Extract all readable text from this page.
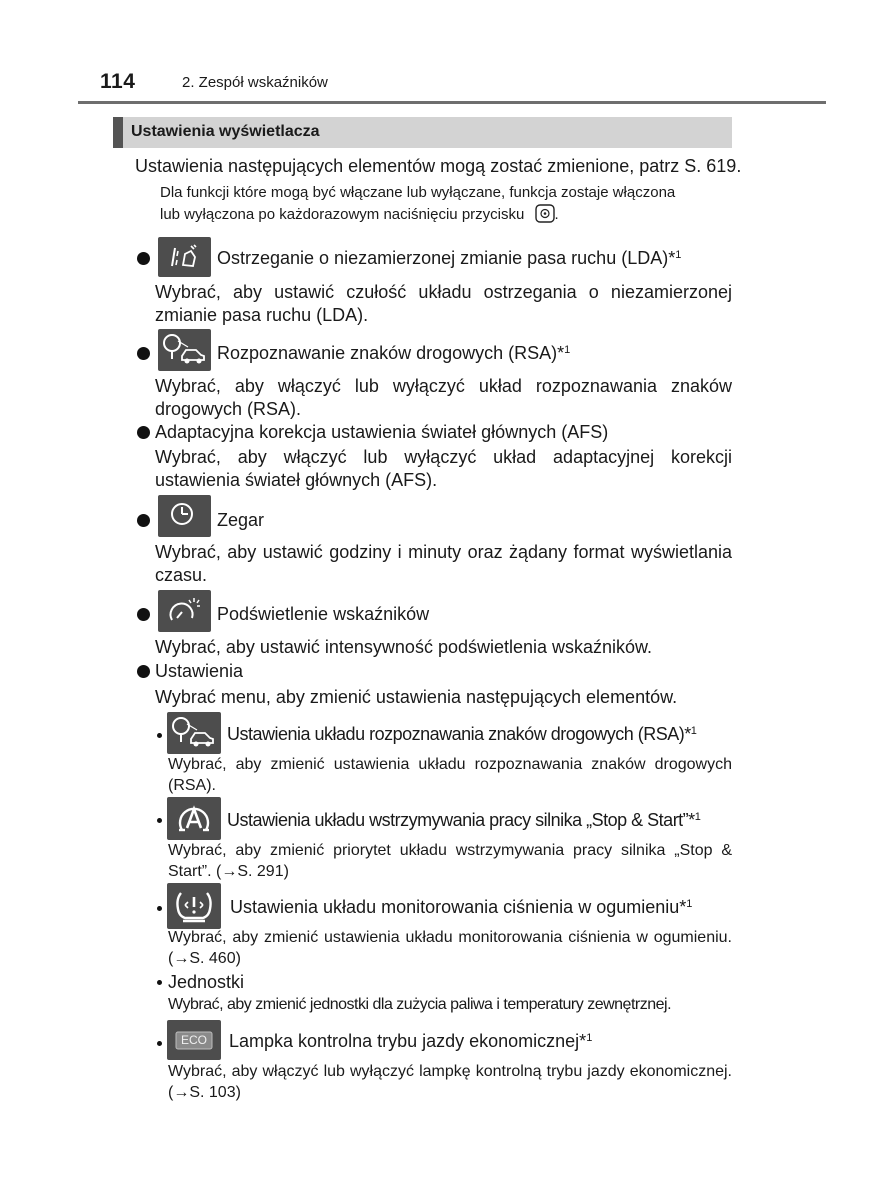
114	2. Zespół wskaźników
Ustawienia wyświetlacza
Ustawienia następujących elementów mogą zostać zmienione, patrz S. 619.
Dla funkcji które mogą być włączane lub wyłączane, funkcja zostaje włączona
lub wyłączona po każdorazowym naciśnięciu przycisku .
Ostrzeganie o niezamierzonej zmianie pasa ruchu (LDA)*$^1$
Wybrać, aby ustawić czułość układu ostrzegania o niezamierzonej zmianie pasa ruchu (LDA).
Rozpoznawanie znaków drogowych (RSA)*$^1$
Wybrać, aby włączyć lub wyłączyć układ rozpoznawania znaków drogowych (RSA).
Adaptacyjna korekcja ustawienia świateł głównych (AFS)
Wybrać, aby włączyć lub wyłączyć układ adaptacyjnej korekcji ustawienia świateł głównych (AFS).
Zegar
Wybrać, aby ustawić godziny i minuty oraz żądany format wyświetlania czasu.
Podświetlenie wskaźników
Wybrać, aby ustawić intensywność podświetlenia wskaźników.
Ustawienia
Wybrać menu, aby zmienić ustawienia następujących elementów.
Ustawienia układu rozpoznawania znaków drogowych (RSA)*$^1$
Wybrać, aby zmienić ustawienia układu rozpoznawania znaków drogowych (RSA).
Ustawienia układu wstrzymywania pracy silnika „Stop & Start”*$^1$
Wybrać, aby zmienić priorytet układu wstrzymywania pracy silnika „Stop & Start”. (→S. 291)
Ustawienia układu monitorowania ciśnienia w ogumieniu*$^1$
Wybrać, aby zmienić ustawienia układu monitorowania ciśnienia w ogumieniu. (→S. 460)
Jednostki
Wybrać, aby zmienić jednostki dla zużycia paliwa i temperatury zewnętrznej.
ECO Lampka kontrolna trybu jazdy ekonomicznej*$^1$
Wybrać, aby włączyć lub wyłączyć lampkę kontrolną trybu jazdy ekonomicznej. (→S. 103)
